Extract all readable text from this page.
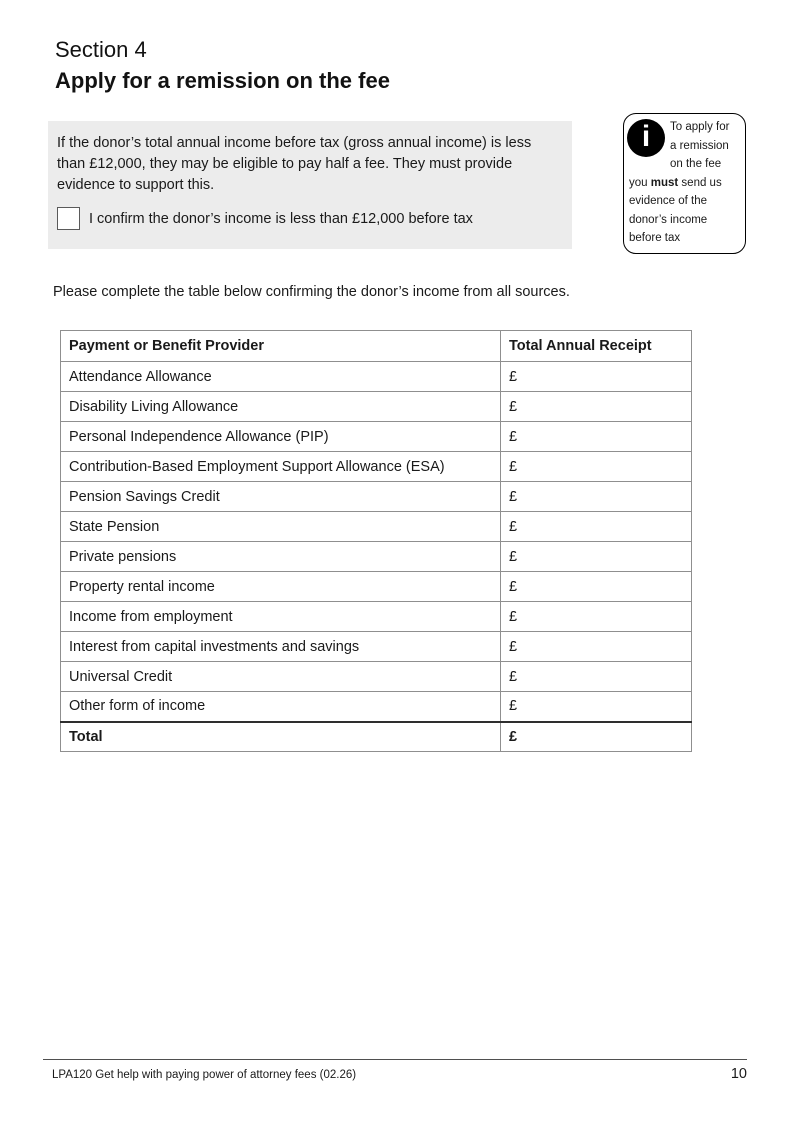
Section 4
Apply for a remission on the fee

If the donor’s total annual income before tax (gross annual income) is less
than £12,000, they may be eligible to pay half a fee. They must provide
evidence to support this.

I confirm the donor’s income is less than £12,000 before tax
i To apply for
a remission
on the fee
you must send us
evidence of the
donor’s income
before tax

Please complete the table below confirming the donor’s income from all sources.

Payment or Benefit Provider	Total Annual Receipt
Attendance Allowance	£
Disability Living Allowance	£
Personal Independence Allowance (PIP)	£
Contribution-Based Employment Support Allowance (ESA)	£
Pension Savings Credit	£
State Pension	£
Private pensions	£
Property rental income	£
Income from employment	£
Interest from capital investments and savings	£
Universal Credit	£
Other form of income	£
Total	£
LPA120 Get help with paying power of attorney fees (02.26)	10
